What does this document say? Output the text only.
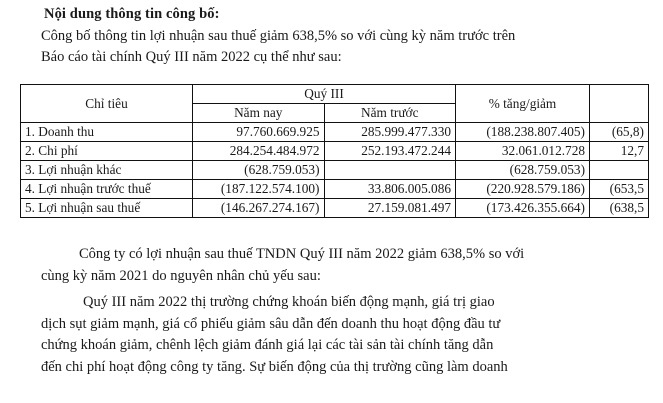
Nội dung thông tin công bố:

Công bố thông tin lợi nhuận sau thuế giảm 638,5% so với cùng kỳ năm trước trên

Báo cáo tài chính Quý III năm 2022 cụ thể như sau:

Chỉ tiêu	Quý III		% tăng/giảm	
	Năm nay	Năm trước		
1. Doanh thu	97.760.669.925	285.999.477.330	(188.238.807.405)	(65,8)
2. Chi phí	284.254.484.972	252.193.472.244	32.061.012.728	12,7
3. Lợi nhuận khác	(628.759.053)		(628.759.053)	
4. Lợi nhuận trước thuế	(187.122.574.100)	33.806.005.086	(220.928.579.186)	(653,5
5. Lợi nhuận sau thuế	(146.267.274.167)	27.159.081.497	(173.426.355.664)	(638,5

Công ty có lợi nhuận sau thuế TNDN Quý III năm 2022 giảm 638,5% so với

cùng kỳ năm 2021 do nguyên nhân chủ yếu sau:

Quý III năm 2022 thị trường chứng khoán biến động mạnh, giá trị giao

dịch sụt giảm mạnh, giá cổ phiếu giảm sâu dẫn đến doanh thu hoạt động đầu tư

chứng khoán giảm, chênh lệch giảm đánh giá lại các tài sản tài chính tăng dẫn

đến chi phí hoạt động công ty tăng. Sự biến động của thị trường cũng làm doanh
